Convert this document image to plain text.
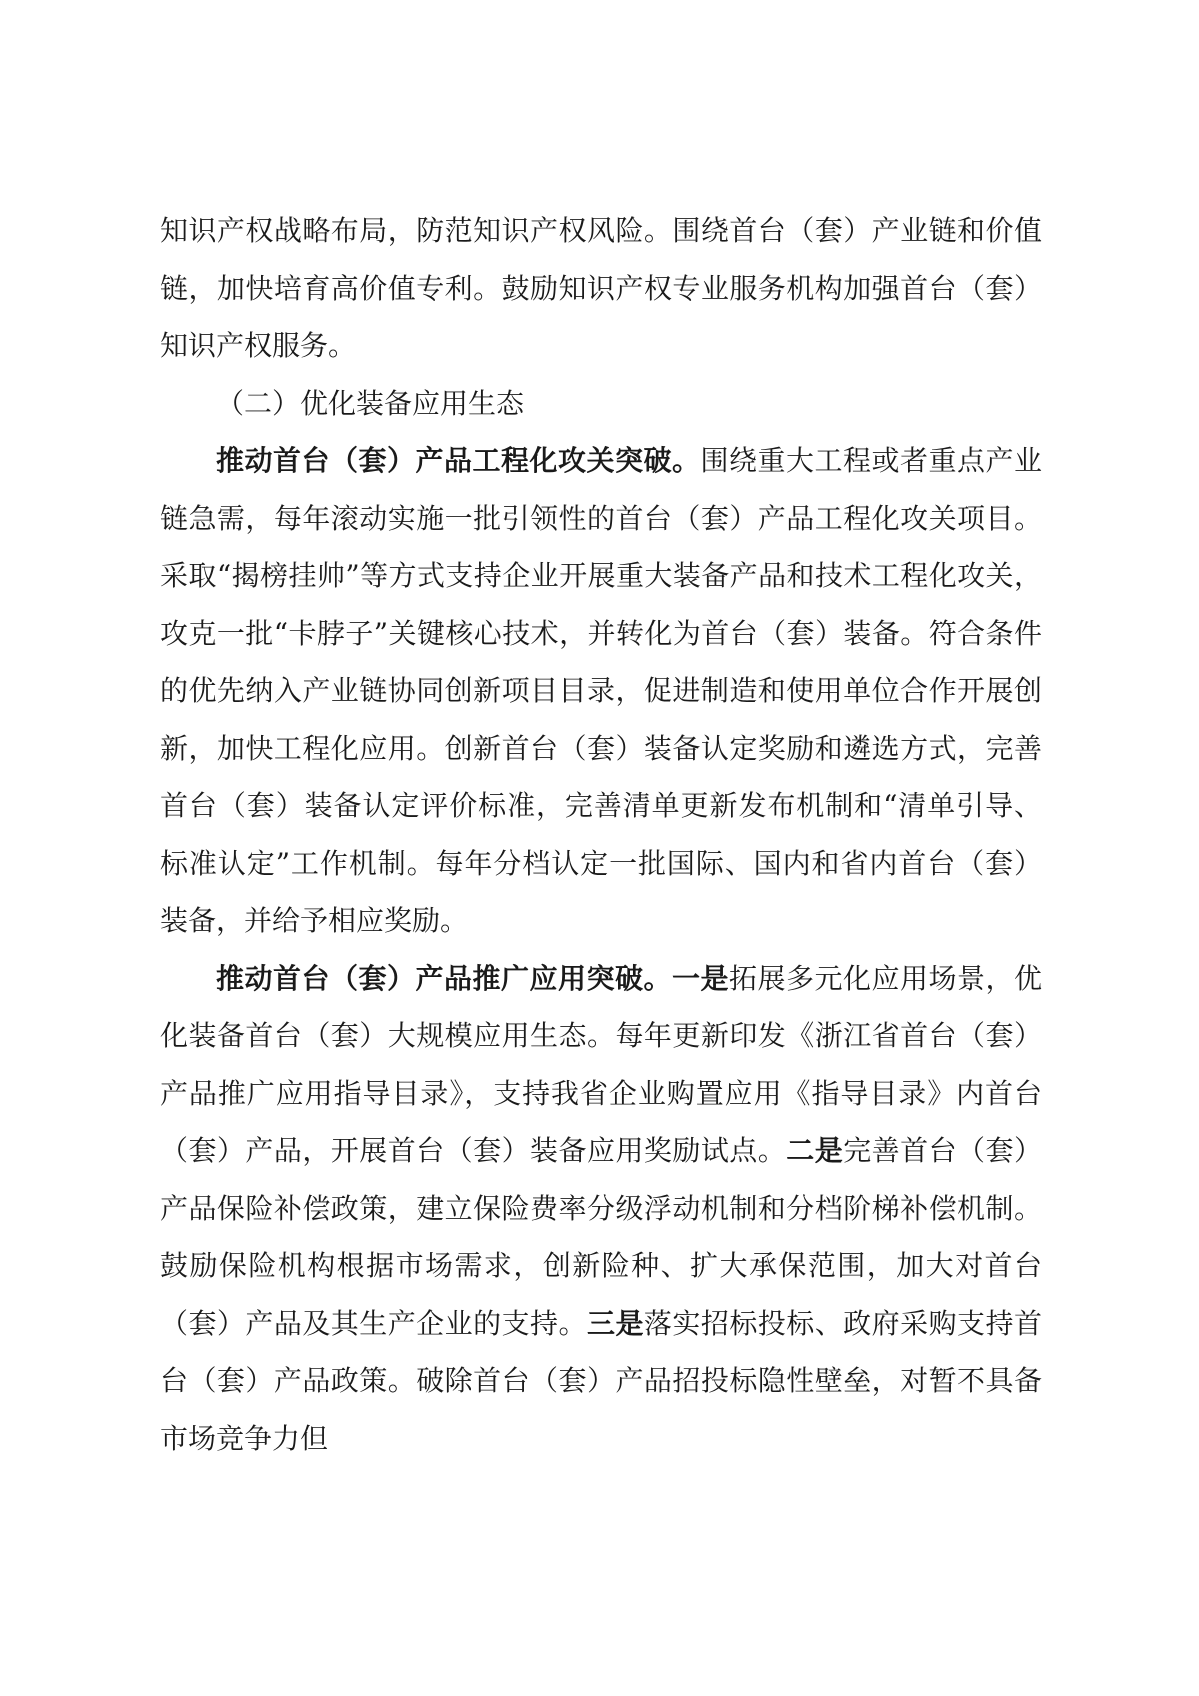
知识产权战略布局，防范知识产权风险。围绕首台（套）产业链和价值链，加快培育高价值专利。鼓励知识产权专业服务机构加强首台（套）知识产权服务。

（二）优化装备应用生态

推动首台（套）产品工程化攻关突破。围绕重大工程或者重点产业链急需，每年滚动实施一批引领性的首台（套）产品工程化攻关项目。采取“揭榜挂帅”等方式支持企业开展重大装备产品和技术工程化攻关，攻克一批“卡脖子”关键核心技术，并转化为首台（套）装备。符合条件的优先纳入产业链协同创新项目目录，促进制造和使用单位合作开展创新，加快工程化应用。创新首台（套）装备认定奖励和遴选方式，完善首台（套）装备认定评价标准，完善清单更新发布机制和“清单引导、标准认定”工作机制。每年分档认定一批国际、国内和省内首台（套）装备，并给予相应奖励。

推动首台（套）产品推广应用突破。一是拓展多元化应用场景，优化装备首台（套）大规模应用生态。每年更新印发《浙江省首台（套）产品推广应用指导目录》，支持我省企业购置应用《指导目录》内首台（套）产品，开展首台（套）装备应用奖励试点。二是完善首台（套）产品保险补偿政策，建立保险费率分级浮动机制和分档阶梯补偿机制。鼓励保险机构根据市场需求，创新险种、扩大承保范围，加大对首台（套）产品及其生产企业的支持。三是落实招标投标、政府采购支持首台（套）产品政策。破除首台（套）产品招投标隐性壁垒，对暂不具备市场竞争力但
